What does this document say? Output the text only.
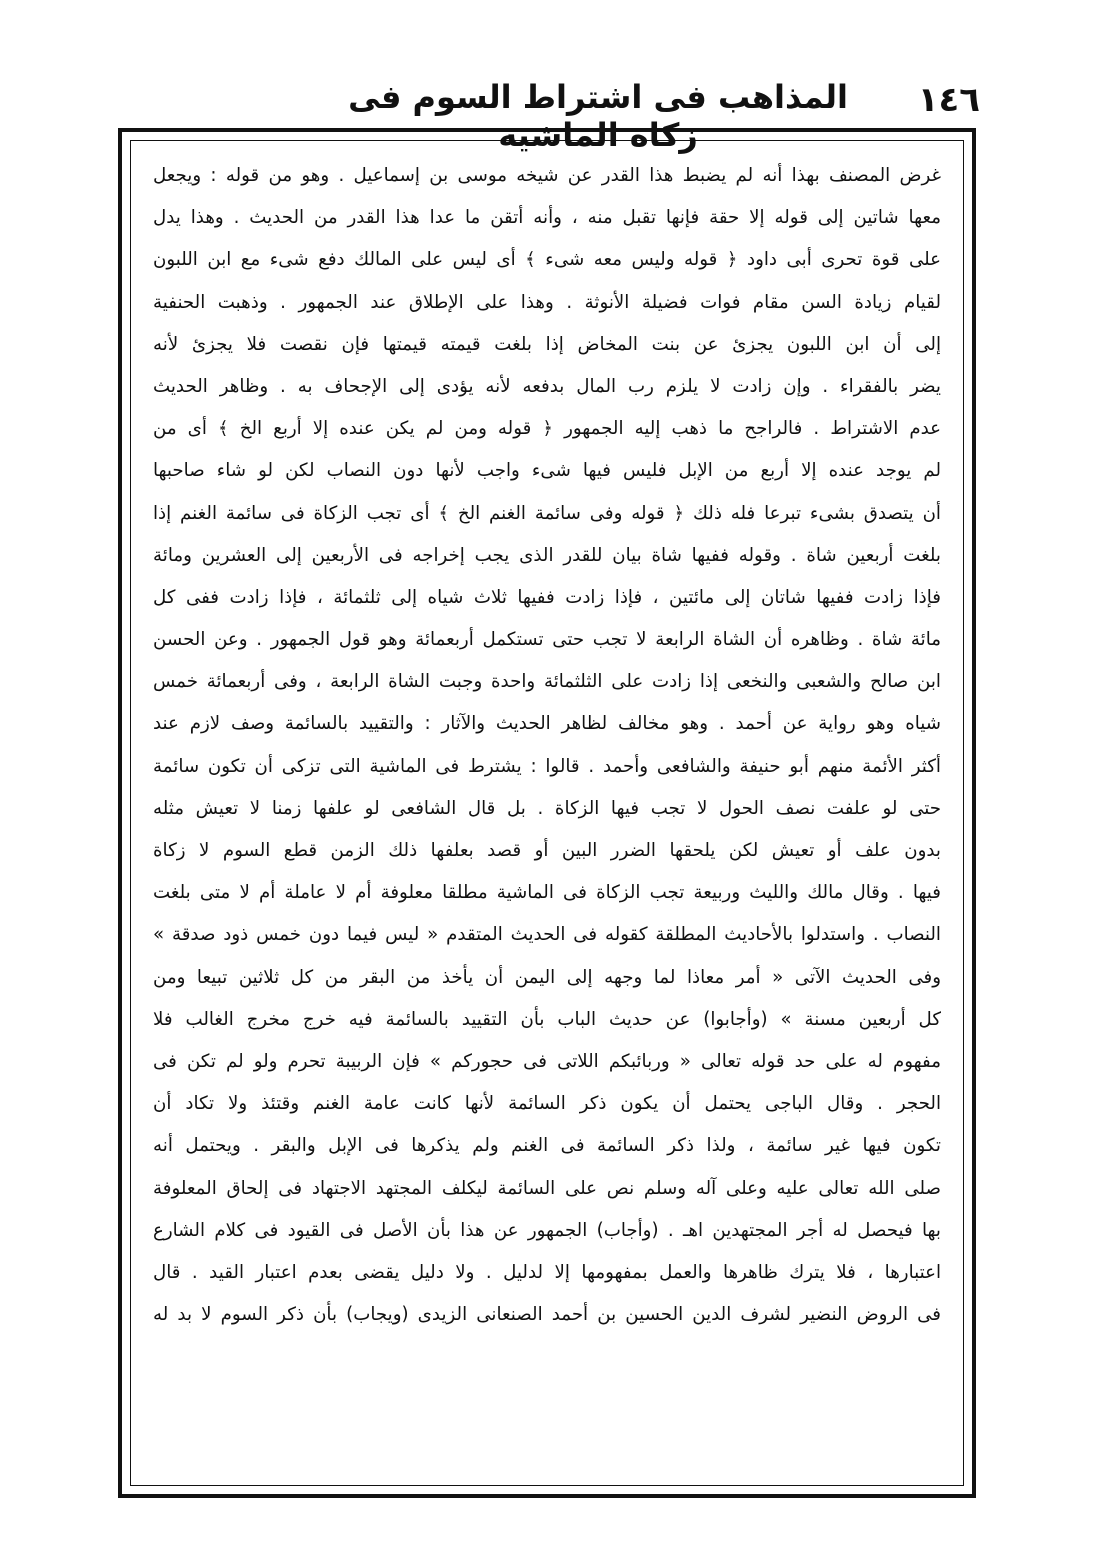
المذاهب فى اشتراط السوم فى زكاة الماشية
١٤٦
غرض المصنف بهذا أنه لم يضبط هذا القدر عن شيخه موسى بن إسماعيل . وهو من قوله : ويجعل
معها شاتين إلى قوله إلا حقة فإنها تقبل منه ، وأنه أتقن ما عدا هذا القدر من الحديث . وهذا يدل
على قوة تحرى أبى داود ﴿ قوله وليس معه شىء ﴾ أى ليس على المالك دفع شىء مع ابن اللبون
لقيام زيادة السن مقام فوات فضيلة الأنوثة . وهذا على الإطلاق عند الجمهور . وذهبت الحنفية
إلى أن ابن اللبون يجزئ عن بنت المخاض إذا بلغت قيمته قيمتها فإن نقصت فلا يجزئ لأنه
يضر بالفقراء . وإن زادت لا يلزم رب المال بدفعه لأنه يؤدى إلى الإجحاف به . وظاهر الحديث
عدم الاشتراط . فالراجح ما ذهب إليه الجمهور ﴿ قوله ومن لم يكن عنده إلا أربع الخ ﴾ أى من
لم يوجد عنده إلا أربع من الإبل فليس فيها شىء واجب لأنها دون النصاب لكن لو شاء صاحبها
أن يتصدق بشىء تبرعا فله ذلك ﴿ قوله وفى سائمة الغنم الخ ﴾ أى تجب الزكاة فى سائمة الغنم إذا
بلغت أربعين شاة . وقوله ففيها شاة بيان للقدر الذى يجب إخراجه فى الأربعين إلى العشرين ومائة
فإذا زادت ففيها شاتان إلى مائتين ، فإذا زادت ففيها ثلاث شياه إلى ثلثمائة ، فإذا زادت ففى كل
مائة شاة . وظاهره أن الشاة الرابعة لا تجب حتى تستكمل أربعمائة وهو قول الجمهور . وعن الحسن
ابن صالح والشعبى والنخعى إذا زادت على الثلثمائة واحدة وجبت الشاة الرابعة ، وفى أربعمائة خمس
شياه وهو رواية عن أحمد . وهو مخالف لظاهر الحديث والآثار : والتقييد بالسائمة وصف لازم عند
أكثر الأئمة منهم أبو حنيفة والشافعى وأحمد . قالوا : يشترط فى الماشية التى تزكى أن تكون سائمة
حتى لو علفت نصف الحول لا تجب فيها الزكاة . بل قال الشافعى لو علفها زمنا لا تعيش مثله
بدون علف أو تعيش لكن يلحقها الضرر البين أو قصد بعلفها ذلك الزمن قطع السوم لا زكاة
فيها . وقال مالك والليث وربيعة تجب الزكاة فى الماشية مطلقا معلوفة أم لا عاملة أم لا متى بلغت
النصاب . واستدلوا بالأحاديث المطلقة كقوله فى الحديث المتقدم « ليس فيما دون خمس ذود صدقة »
وفى الحديث الآتى « أمر معاذا لما وجهه إلى اليمن أن يأخذ من البقر من كل ثلاثين تبيعا ومن
كل أربعين مسنة » (وأجابوا) عن حديث الباب بأن التقييد بالسائمة فيه خرج مخرج الغالب فلا
مفهوم له على حد قوله تعالى « وربائبكم اللاتى فى حجوركم » فإن الربيبة تحرم ولو لم تكن فى
الحجر . وقال الباجى يحتمل أن يكون ذكر السائمة لأنها كانت عامة الغنم وقتئذ ولا تكاد أن
تكون فيها غير سائمة ، ولذا ذكر السائمة فى الغنم ولم يذكرها فى الإبل والبقر . ويحتمل أنه
صلى الله تعالى عليه وعلى آله وسلم نص على السائمة ليكلف المجتهد الاجتهاد فى إلحاق المعلوفة
بها فيحصل له أجر المجتهدين اهـ . (وأجاب) الجمهور عن هذا بأن الأصل فى القيود فى كلام الشارع
اعتبارها ، فلا يترك ظاهرها والعمل بمفهومها إلا لدليل . ولا دليل يقضى بعدم اعتبار القيد . قال
فى الروض النضير لشرف الدين الحسين بن أحمد الصنعانى الزيدى (ويجاب) بأن ذكر السوم لا بد له
